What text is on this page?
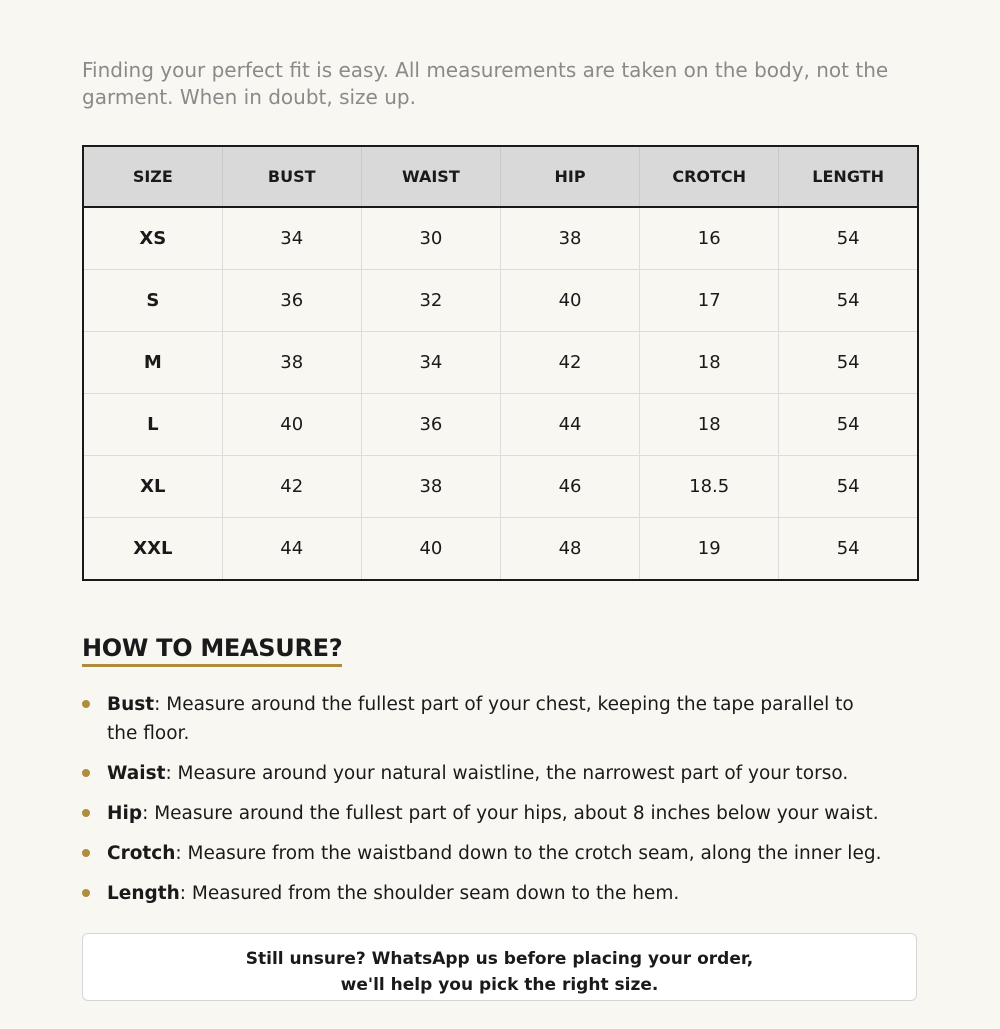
Finding your perfect fit is easy. All measurements are taken on the body, not the garment. When in doubt, size up.

SIZE	BUST	WAIST	HIP	CROTCH	LENGTH
XS	34	30	38	16	54
S	36	32	40	17	54
M	38	34	42	18	54
L	40	36	44	18	54
XL	42	38	46	18.5	54
XXL	44	40	48	19	54
HOW TO MEASURE?
Bust: Measure around the fullest part of your chest, keeping the tape parallel to the floor.
Waist: Measure around your natural waistline, the narrowest part of your torso.
Hip: Measure around the fullest part of your hips, about 8 inches below your waist.
Crotch: Measure from the waistband down to the crotch seam, along the inner leg.
Length: Measured from the shoulder seam down to the hem.
Still unsure? WhatsApp us before placing your order,
we'll help you pick the right size.
